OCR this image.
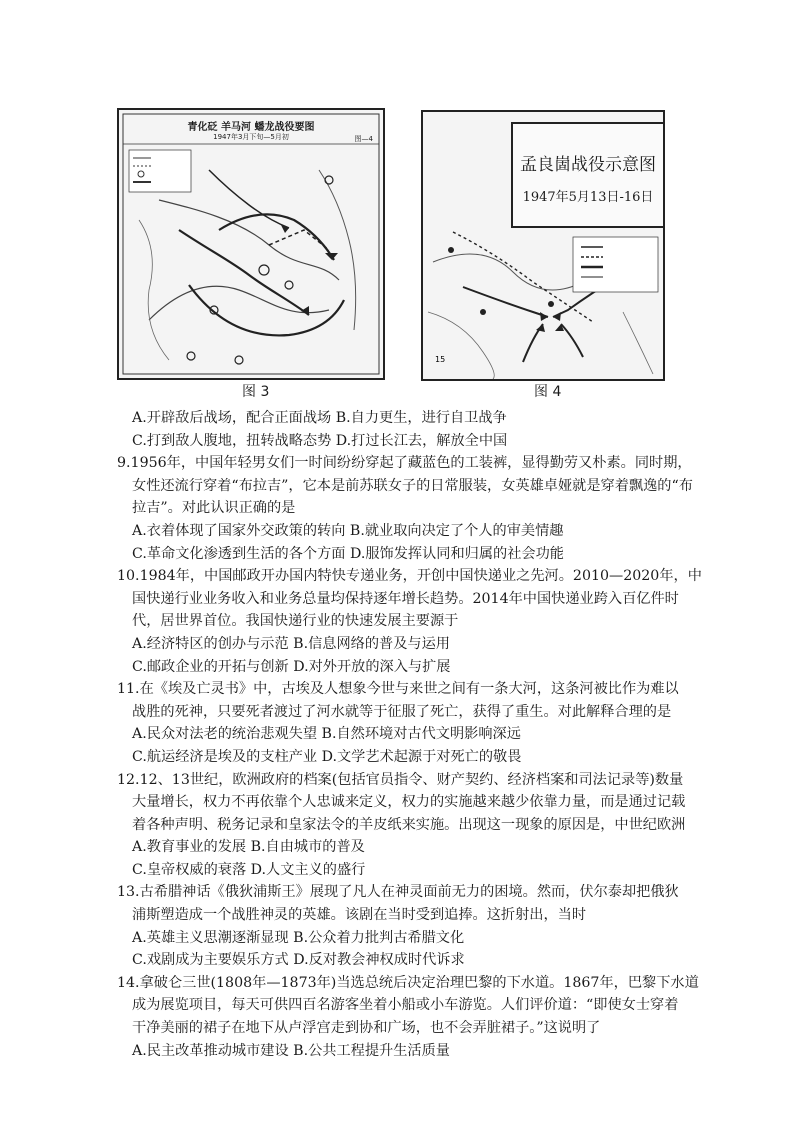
青化砭 羊马河 蟠龙战役要图
1947年3月下旬—5月初	图—4
15
孟良崮战役示意图
1947年5月13日-16日
图 3	图 4
A.开辟敌后战场，配合正面战场 B.自力更生，进行自卫战争
C.打到敌人腹地，扭转战略态势 D.打过长江去，解放全中国
9.1956年，中国年轻男女们一时间纷纷穿起了藏蓝色的工装裤，显得勤劳又朴素。同时期，
女性还流行穿着“布拉吉”，它本是前苏联女子的日常服装，女英雄卓娅就是穿着飘逸的“布
拉吉”。对此认识正确的是
A.衣着体现了国家外交政策的转向 B.就业取向决定了个人的审美情趣
C.革命文化渗透到生活的各个方面 D.服饰发挥认同和归属的社会功能
10.1984年，中国邮政开办国内特快专递业务，开创中国快递业之先河。2010—2020年，中
国快递行业业务收入和业务总量均保持逐年增长趋势。2014年中国快递业跨入百亿件时
代，居世界首位。我国快递行业的快速发展主要源于
A.经济特区的创办与示范 B.信息网络的普及与运用
C.邮政企业的开拓与创新 D.对外开放的深入与扩展
11.在《埃及亡灵书》中，古埃及人想象今世与来世之间有一条大河，这条河被比作为难以
战胜的死神，只要死者渡过了河水就等于征服了死亡，获得了重生。对此解释合理的是
A.民众对法老的统治悲观失望 B.自然环境对古代文明影响深远
C.航运经济是埃及的支柱产业 D.文学艺术起源于对死亡的敬畏
12.12、13世纪，欧洲政府的档案(包括官员指令、财产契约、经济档案和司法记录等)数量
大量增长，权力不再依靠个人忠诚来定义，权力的实施越来越少依靠力量，而是通过记载
着各种声明、税务记录和皇家法令的羊皮纸来实施。出现这一现象的原因是，中世纪欧洲
A.教育事业的发展 B.自由城市的普及
C.皇帝权威的衰落 D.人文主义的盛行
13.古希腊神话《俄狄浦斯王》展现了凡人在神灵面前无力的困境。然而，伏尔泰却把俄狄
浦斯塑造成一个战胜神灵的英雄。该剧在当时受到追捧。这折射出，当时
A.英雄主义思潮逐渐显现 B.公众着力批判古希腊文化
C.戏剧成为主要娱乐方式 D.反对教会神权成时代诉求
14.拿破仑三世(1808年—1873年)当选总统后决定治理巴黎的下水道。1867年，巴黎下水道
成为展览项目，每天可供四百名游客坐着小船或小车游览。人们评价道：“即使女士穿着
干净美丽的裙子在地下从卢浮宫走到协和广场，也不会弄脏裙子。”这说明了
A.民主改革推动城市建设 B.公共工程提升生活质量
